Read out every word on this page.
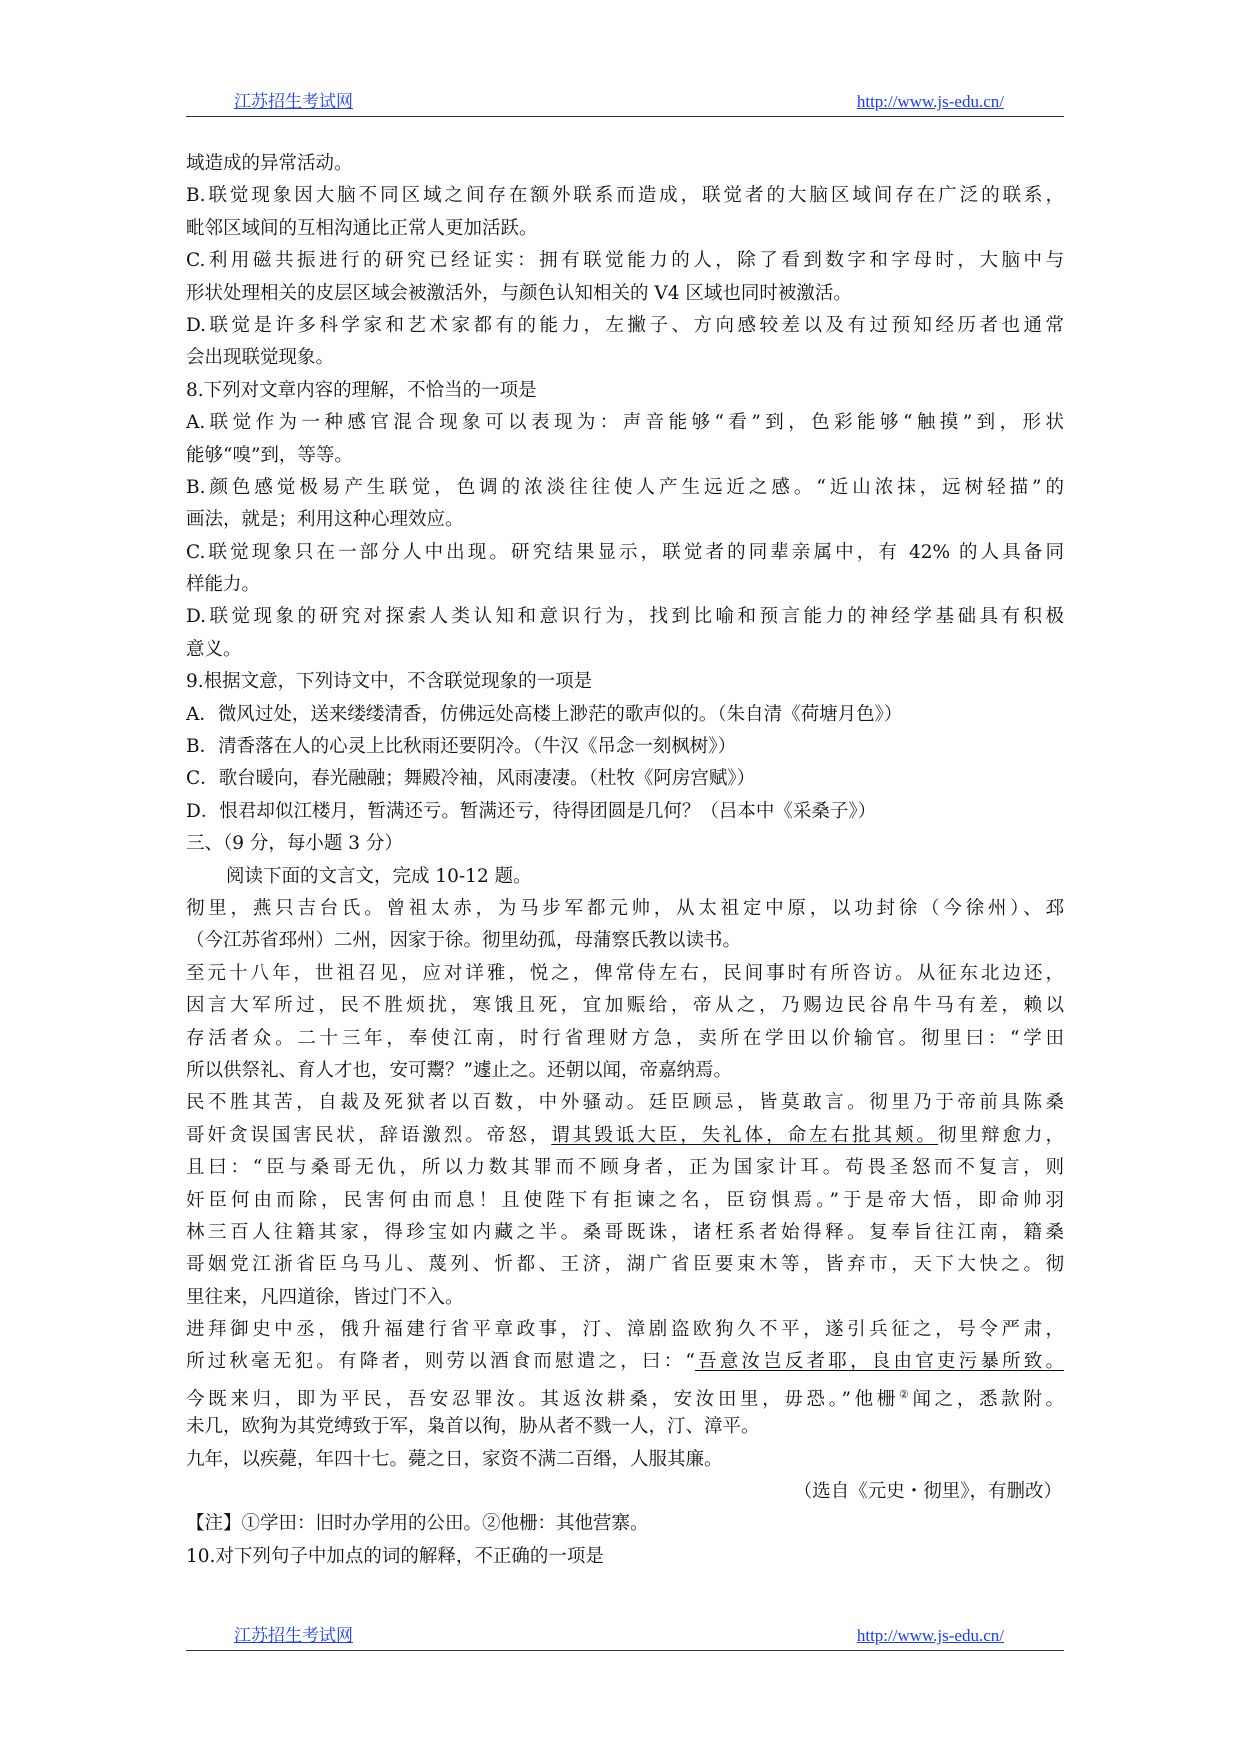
江苏招生考试网	http://www.js-edu.cn/
域造成的异常活动。
B.联觉现象因大脑不同区域之间存在额外联系而造成，联觉者的大脑区域间存在广泛的联系，
毗邻区域间的互相沟通比正常人更加活跃。
C.利用磁共振进行的研究已经证实：拥有联觉能力的人，除了看到数字和字母时，大脑中与
形状处理相关的皮层区域会被激活外，与颜色认知相关的 V4 区域也同时被激活。
D.联觉是许多科学家和艺术家都有的能力，左撇子、方向感较差以及有过预知经历者也通常
会出现联觉现象。
8.下列对文章内容的理解，不恰当的一项是
A.联觉作为一种感官混合现象可以表现为：声音能够“看”到，色彩能够“触摸”到，形状
能够“嗅”到，等等。
B.颜色感觉极易产生联觉，色调的浓淡往往使人产生远近之感。“近山浓抹，远树轻描”的
画法，就是；利用这种心理效应。
C.联觉现象只在一部分人中出现。研究结果显示，联觉者的同辈亲属中，有 42% 的人具备同
样能力。
D.联觉现象的研究对探索人类认知和意识行为，找到比喻和预言能力的神经学基础具有积极
意义。
9.根据文意，下列诗文中，不含联觉现象的一项是
A．微风过处，送来缕缕清香，仿佛远处高楼上渺茫的歌声似的。（朱自清《荷塘月色》）
B．清香落在人的心灵上比秋雨还要阴冷。（牛汉《吊念一刻枫树》）
C．歌台暖向，春光融融；舞殿冷袖，风雨凄凄。（杜牧《阿房宫赋》）
D．恨君却似江楼月，暂满还亏。暂满还亏，待得团圆是几何？（吕本中《采桑子》）
三、（9 分，每小题 3 分）
阅读下面的文言文，完成 10-12 题。
彻里，燕只吉台氏。曾祖太赤，为马步军都元帅，从太祖定中原，以功封徐（今徐州）、邳
（今江苏省邳州）二州，因家于徐。彻里幼孤，母蒲察氏教以读书。
至元十八年，世祖召见，应对详雅，悦之，俾常侍左右，民间事时有所咨访。从征东北边还，
因言大军所过，民不胜烦扰，寒饿且死，宜加赈给，帝从之，乃赐边民谷帛牛马有差，赖以
存活者众。二十三年，奉使江南，时行省理财方急，卖所在学田以价输官。彻里曰：“学田
所以供祭礼、育人才也，安可鬻？”遽止之。还朝以闻，帝嘉纳焉。
民不胜其苦，自裁及死狱者以百数，中外骚动。廷臣顾忌，皆莫敢言。彻里乃于帝前具陈桑
哥奸贪误国害民状，辞语激烈。帝怒，谓其毁诋大臣，失礼体，命左右批其颊。彻里辩愈力，
且曰：“臣与桑哥无仇，所以力数其罪而不顾身者，正为国家计耳。苟畏圣怒而不复言，则
奸臣何由而除，民害何由而息！且使陛下有拒谏之名，臣窃惧焉。”于是帝大悟，即命帅羽
林三百人往籍其家，得珍宝如内藏之半。桑哥既诛，诸枉系者始得释。复奉旨往江南，籍桑
哥姻党江浙省臣乌马儿、蔑列、忻都、王济，湖广省臣要束木等，皆弃市，天下大快之。彻
里往来，凡四道徐，皆过门不入。
进拜御史中丞，俄升福建行省平章政事，汀、漳剧盗欧狗久不平，遂引兵征之，号令严肃，
所过秋毫无犯。有降者，则劳以酒食而慰遣之，曰：“吾意汝岂反者耶，良由官吏污暴所致。
今既来归，即为平民，吾安忍罪汝。其返汝耕桑，安汝田里，毋恐。”他栅②闻之，悉款附。
未几，欧狗为其党缚致于军，枭首以徇，胁从者不戮一人，汀、漳平。
九年，以疾薨，年四十七。薨之日，家资不满二百缗，人服其廉。
（选自《元史・彻里》，有删改）
【注】①学田：旧时办学用的公田。②他栅：其他营寨。
10.对下列句子中加点的词的解释，不正确的一项是
江苏招生考试网	http://www.js-edu.cn/
